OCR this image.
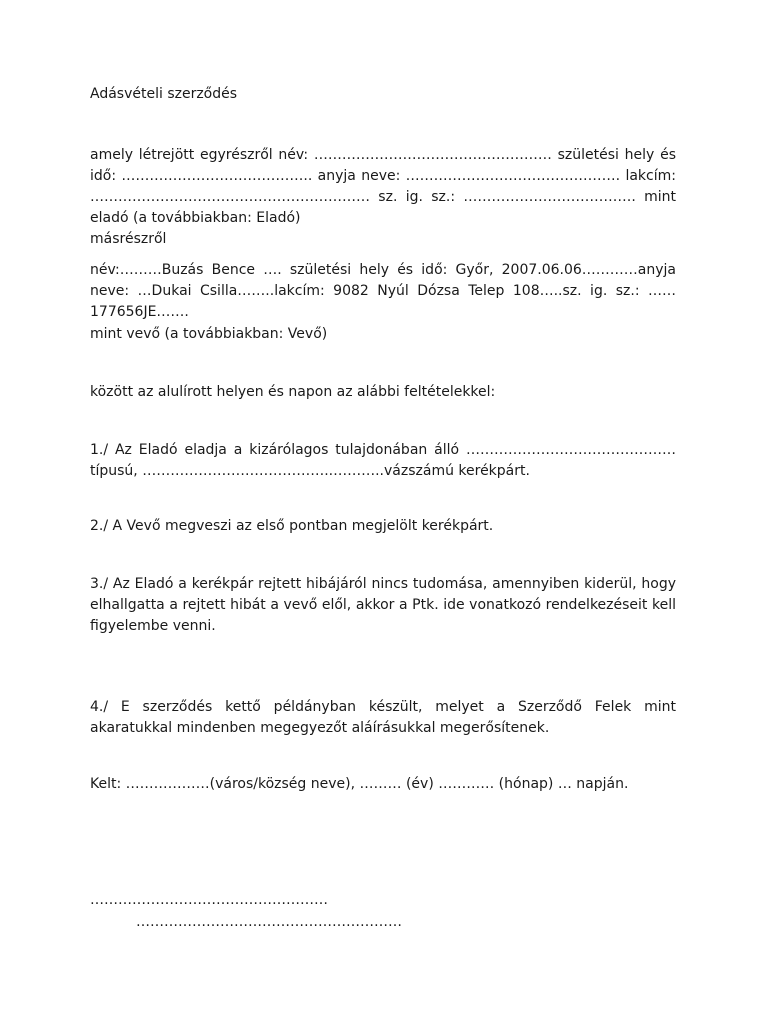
Adásvételi szerződés

amely létrejött egyrészről név: …………………………………………… születési hely és idő: ………………………………….. anyja neve: ………………………………………. lakcím: …………………………………………………… sz. ig. sz.: ………………………………. mint eladó (a továbbiakban: Eladó)

másrészről

név:………Buzás Bence …. születési hely és idő: Győr, 2007.06.06…………anyja neve: …Dukai Csilla……..lakcím: 9082 Nyúl Dózsa Telep 108…..sz. ig. sz.: …… 177656JE…….

mint vevő (a továbbiakban: Vevő)
között az alulírott helyen és napon az alábbi feltételekkel:

1./ Az Eladó eladja a kizárólagos tulajdonában álló ……………………………………… típusú, …………………………………..………..vázszámú kerékpárt.

2./ A Vevő megveszi az első pontban megjelölt kerékpárt.

3./ Az Eladó a kerékpár rejtett hibájáról nincs tudomása, amennyiben kiderül, hogy elhallgatta a rejtett hibát a vevő elől, akkor a Ptk. ide vonatkozó rendelkezéseit kell figyelembe venni.

4./ E szerződés kettő példányban készült, melyet a Szerződő Felek mint akaratukkal mindenben megegyezőt aláírásukkal megerősítenek.

Kelt: ………………(város/község neve), ……… (év) ………… (hónap) … napján.
……………………………………………
…………………………………………………
